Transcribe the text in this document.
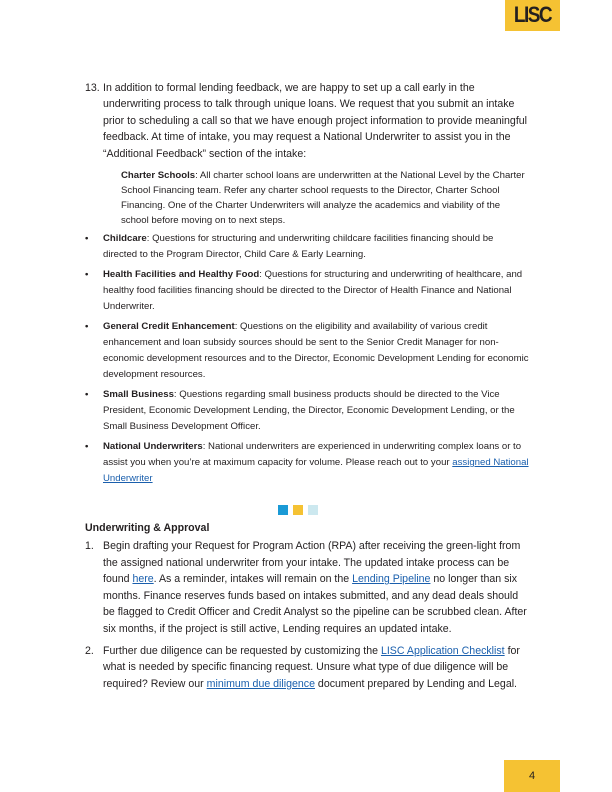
LISC
13. In addition to formal lending feedback, we are happy to set up a call early in the underwriting process to talk through unique loans. We request that you submit an intake prior to scheduling a call so that we have enough project information to provide meaningful feedback. At time of intake, you may request a National Underwriter to assist you in the “Additional Feedback” section of the intake:
Charter Schools: All charter school loans are underwritten at the National Level by the Charter School Financing team. Refer any charter school requests to the Director, Charter School Financing. One of the Charter Underwriters will analyze the academics and viability of the school before moving on to next steps.
• Childcare: Questions for structuring and underwriting childcare facilities financing should be directed to the Program Director, Child Care & Early Learning.
• Health Facilities and Healthy Food: Questions for structuring and underwriting of healthcare, and healthy food facilities financing should be directed to the Director of Health Finance and National Underwriter.
• General Credit Enhancement: Questions on the eligibility and availability of various credit enhancement and loan subsidy sources should be sent to the Senior Credit Manager for non-economic development resources and to the Director, Economic Development Lending for economic development resources.
• Small Business: Questions regarding small business products should be directed to the Vice President, Economic Development Lending, the Director, Economic Development Lending, or the Small Business Development Officer.
• National Underwriters: National underwriters are experienced in underwriting complex loans or to assist you when you’re at maximum capacity for volume. Please reach out to your assigned National Underwriter
Underwriting & Approval
1. Begin drafting your Request for Program Action (RPA) after receiving the green-light from the assigned national underwriter from your intake. The updated intake process can be found here. As a reminder, intakes will remain on the Lending Pipeline no longer than six months. Finance reserves funds based on intakes submitted, and any dead deals should be flagged to Credit Officer and Credit Analyst so the pipeline can be scrubbed clean. After six months, if the project is still active, Lending requires an updated intake.
2. Further due diligence can be requested by customizing the LISC Application Checklist for what is needed by specific financing request. Unsure what type of due diligence will be required? Review our minimum due diligence document prepared by Lending and Legal.
4
